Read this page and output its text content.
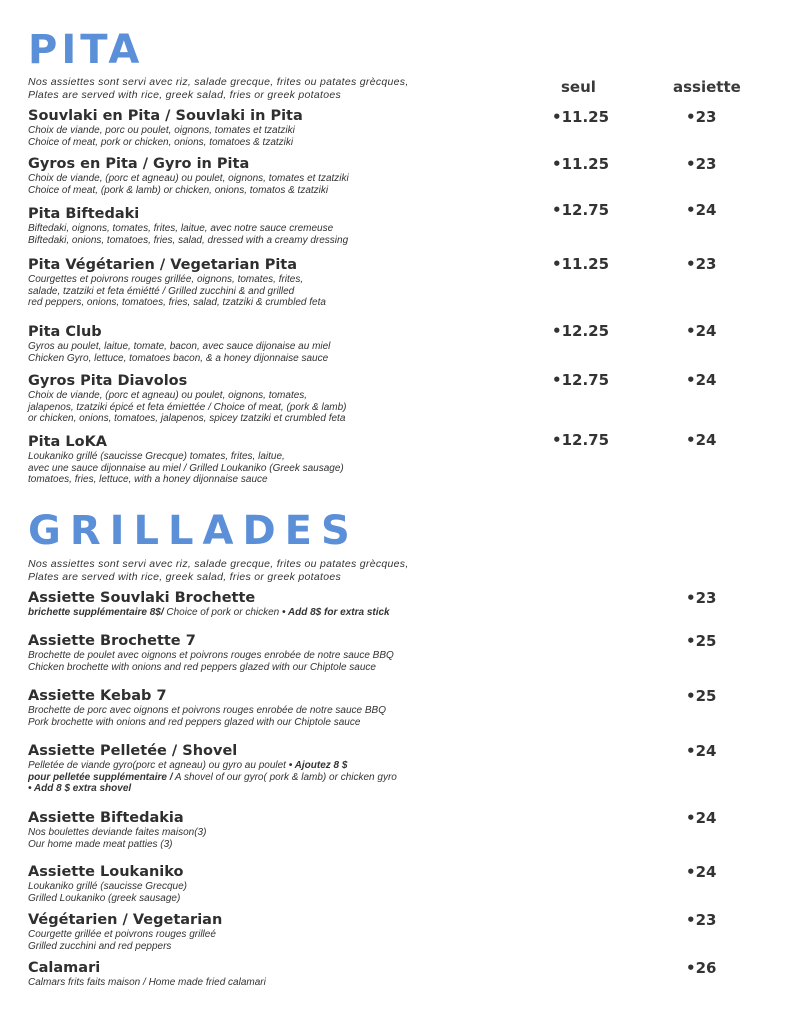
PITA

Nos assiettes sont servi avec riz, salade grecque, frites ou patates grècques,

Plates are served with rice, greek salad, fries or greek potatoes	seul	assiette

Souvlaki en Pita / Souvlaki in Pita

Choix de viande, porc ou poulet, oignons, tomates et tzatziki

Choice of meat, pork or chicken, onions, tomatoes & tzatziki

•11.25	•23

Gyros en Pita / Gyro in Pita

Choix de viande, (porc et agneau) ou poulet, oignons, tomates et tzatziki

Choice of meat, (pork & lamb) or chicken, onions, tomatos & tzatziki

•11.25	•23

Pita Biftedaki

Biftedaki, oignons, tomates, frites, laitue, avec notre sauce cremeuse

Biftedaki, onions, tomatoes, fries, salad, dressed with a creamy dressing

•12.75	•24

Pita Végétarien / Vegetarian Pita

Courgettes et poivrons rouges grillée, oignons, tomates, frites,

salade, tzatziki et feta émiétté / Grilled zucchini & and grilled

red peppers, onions, tomatoes, fries, salad, tzatziki & crumbled feta

•11.25	•23

Pita Club

Gyros au poulet, laitue, tomate, bacon, avec sauce dijonaise au miel

Chicken Gyro, lettuce, tomatoes bacon, & a honey dijonnaise sauce

•12.25	•24

Gyros Pita Diavolos

Choix de viande, (porc et agneau) ou poulet, oignons, tomates,

jalapenos, tzatziki épicé et feta émiettée / Choice of meat, (pork & lamb)

or chicken, onions, tomatoes, jalapenos, spicey tzatziki et crumbled feta

•12.75	•24

Pita LoKA

Loukaniko grillé (saucisse Grecque) tomates, frites, laitue,

avec une sauce dijonnaise au miel / Grilled Loukaniko (Greek sausage)

tomatoes, fries, lettuce, with a honey dijonnaise sauce

•12.75	•24

GRILLADES

Nos assiettes sont servi avec riz, salade grecque, frites ou patates grècques,

Plates are served with rice, greek salad, fries or greek potatoes

Assiette Souvlaki Brochette

brichette supplémentaire 8$/ Choice of pork or chicken • Add 8$ for extra stick

•23

Assiette Brochette 7

Brochette de poulet avec oignons et poivrons rouges enrobée de notre sauce BBQ

Chicken brochette with onions and red peppers glazed with our Chiptole sauce

•25

Assiette Kebab 7

Brochette de porc avec oignons et poivrons rouges enrobée de notre sauce BBQ

Pork brochette with onions and red peppers glazed with our Chiptole sauce

•25

Assiette Pelletée / Shovel

Pelletée de viande gyro(porc et agneau) ou gyro au poulet • Ajoutez 8 $

pour pelletée supplémentaire / A shovel of our gyro( pork & lamb) or chicken gyro

• Add 8 $ extra shovel

•24

Assiette Biftedakia

Nos boulettes deviande faites maison(3)

Our home made meat patties (3)

•24

Assiette Loukaniko

Loukaniko grillé (saucisse Grecque)

Grilled Loukaniko (greek sausage)

•24

Végétarien / Vegetarian

Courgette grillée et poivrons rouges grilleé

Grilled zucchini and red peppers

•23

Calamari

Calmars frits faits maison / Home made fried calamari

•26
